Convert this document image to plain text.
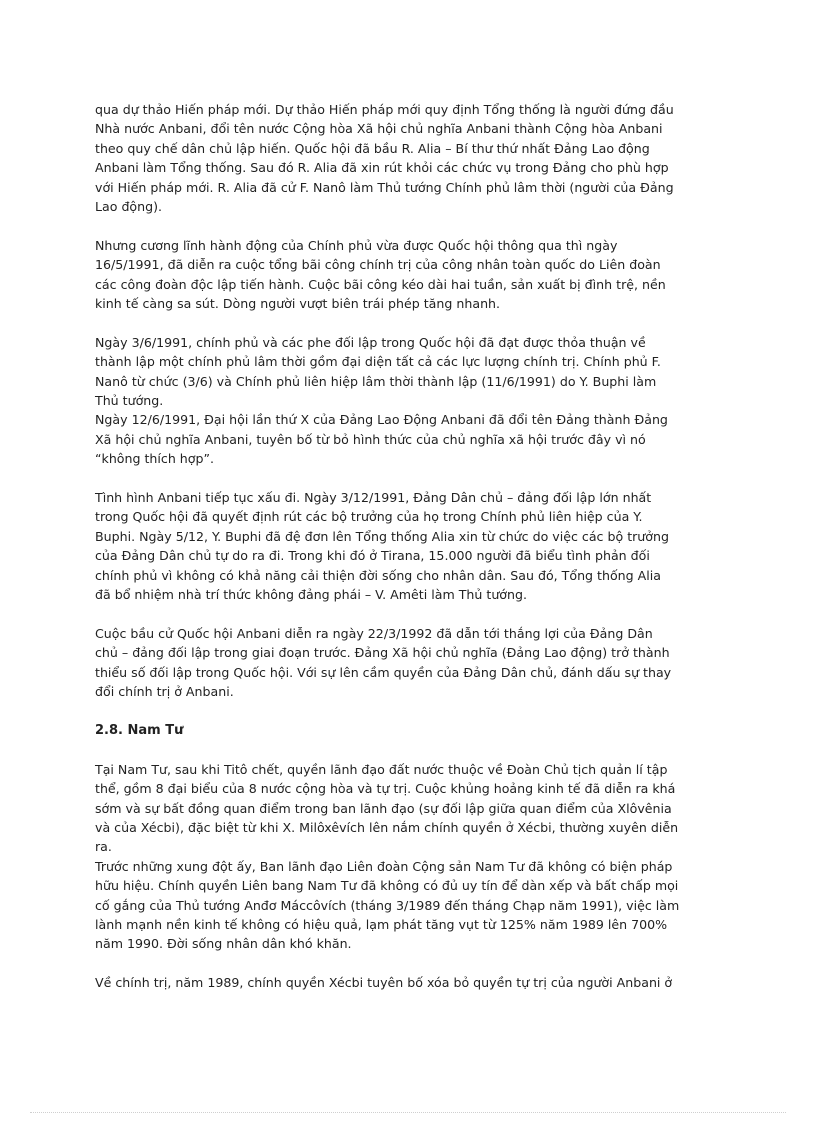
qua dự thảo Hiến pháp mới. Dự thảo Hiến pháp mới quy định Tổng thống là người đứng đầu
Nhà nước Anbani, đổi tên nước Cộng hòa Xã hội chủ nghĩa Anbani thành Cộng hòa Anbani
theo quy chế dân chủ lập hiến. Quốc hội đã bầu R. Alia – Bí thư thứ nhất Đảng Lao động
Anbani làm Tổng thống. Sau đó R. Alia đã xin rút khỏi các chức vụ trong Đảng cho phù hợp
với Hiến pháp mới. R. Alia đã cử F. Nanô làm Thủ tướng Chính phủ lâm thời (người của Đảng
Lao động).
Nhưng cương lĩnh hành động của Chính phủ vừa được Quốc hội thông qua thì ngày
16/5/1991, đã diễn ra cuộc tổng bãi công chính trị của công nhân toàn quốc do Liên đoàn
các công đoàn độc lập tiến hành. Cuộc bãi công kéo dài hai tuần, sản xuất bị đình trệ, nền
kinh tế càng sa sút. Dòng người vượt biên trái phép tăng nhanh.
Ngày 3/6/1991, chính phủ và các phe đối lập trong Quốc hội đã đạt được thỏa thuận về
thành lập một chính phủ lâm thời gồm đại diện tất cả các lực lượng chính trị. Chính phủ F.
Nanô từ chức (3/6) và Chính phủ liên hiệp lâm thời thành lập (11/6/1991) do Y. Buphi làm
Thủ tướng.
Ngày 12/6/1991, Đại hội lần thứ X của Đảng Lao Động Anbani đã đổi tên Đảng thành Đảng
Xã hội chủ nghĩa Anbani, tuyên bố từ bỏ hình thức của chủ nghĩa xã hội trước đây vì nó
“không thích hợp”.
Tình hình Anbani tiếp tục xấu đi. Ngày 3/12/1991, Đảng Dân chủ – đảng đối lập lớn nhất
trong Quốc hội đã quyết định rút các bộ trưởng của họ trong Chính phủ liên hiệp của Y.
Buphi. Ngày 5/12, Y. Buphi đã đệ đơn lên Tổng thống Alia xin từ chức do việc các bộ trưởng
của Đảng Dân chủ tự do ra đi. Trong khi đó ở Tirana, 15.000 người đã biểu tình phản đối
chính phủ vì không có khả năng cải thiện đời sống cho nhân dân. Sau đó, Tổng thống Alia
đã bổ nhiệm nhà trí thức không đảng phái – V. Amêti làm Thủ tướng.
Cuộc bầu cử Quốc hội Anbani diễn ra ngày 22/3/1992 đã dẫn tới thắng lợi của Đảng Dân
chủ – đảng đối lập trong giai đoạn trước. Đảng Xã hội chủ nghĩa (Đảng Lao động) trở thành
thiểu số đối lập trong Quốc hội. Với sự lên cầm quyền của Đảng Dân chủ, đánh dấu sự thay
đổi chính trị ở Anbani.
2.8. Nam Tư
Tại Nam Tư, sau khi Titô chết, quyền lãnh đạo đất nước thuộc về Đoàn Chủ tịch quản lí tập
thể, gồm 8 đại biểu của 8 nước cộng hòa và tự trị. Cuộc khủng hoảng kinh tế đã diễn ra khá
sớm và sự bất đồng quan điểm trong ban lãnh đạo (sự đối lập giữa quan điểm của Xlôvênia
và của Xécbi), đặc biệt từ khi X. Milôxêvích lên nắm chính quyền ở Xécbi, thường xuyên diễn
ra.
Trước những xung đột ấy, Ban lãnh đạo Liên đoàn Cộng sản Nam Tư đã không có biện pháp
hữu hiệu. Chính quyền Liên bang Nam Tư đã không có đủ uy tín để dàn xếp và bất chấp mọi
cố gắng của Thủ tướng Anđơ Máccôvích (tháng 3/1989 đến tháng Chạp năm 1991), việc làm
lành mạnh nền kinh tế không có hiệu quả, lạm phát tăng vụt từ 125% năm 1989 lên 700%
năm 1990. Đời sống nhân dân khó khăn.
Về chính trị, năm 1989, chính quyền Xécbi tuyên bố xóa bỏ quyền tự trị của người Anbani ở
